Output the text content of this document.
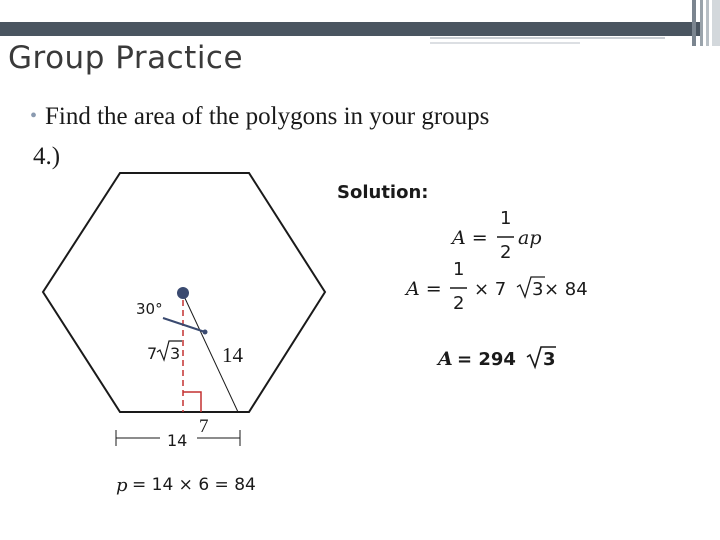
Group Practice
• Find the area of the polygons in your groups
4.)
30°
7 3 14
7
14
p = 14 × 6 = 84
Solution:
A =
1
2
ap
A =
1
2
× 7 3 × 84
A = 294 3
